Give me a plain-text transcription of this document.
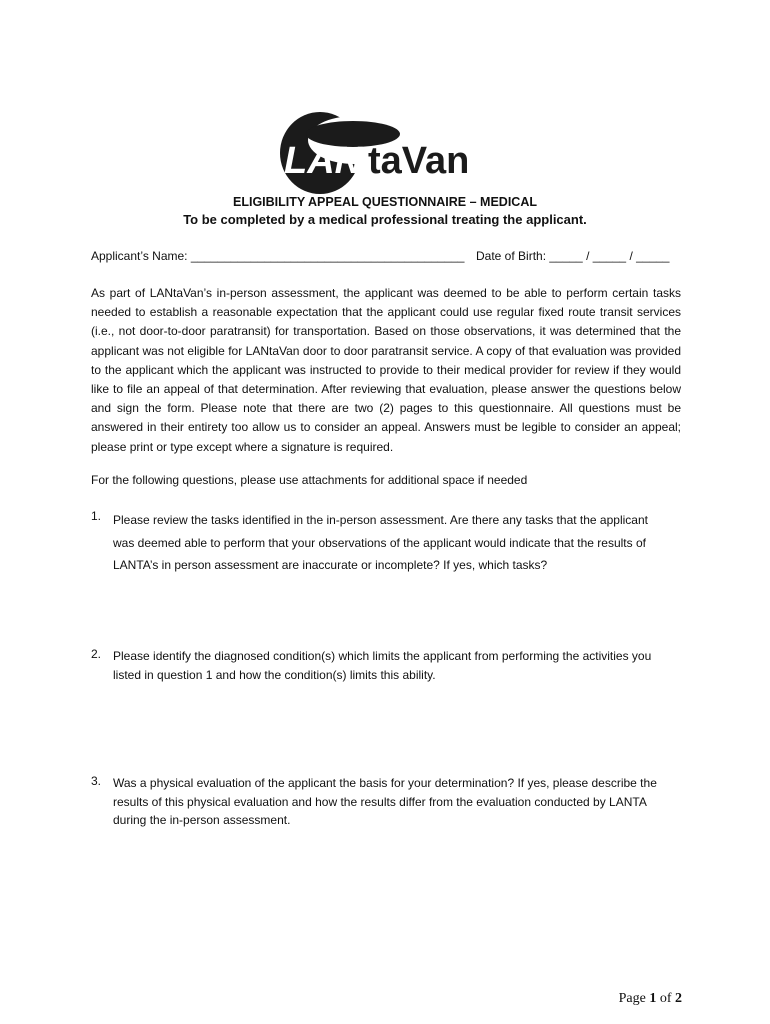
LAN taVan
ELIGIBILITY APPEAL QUESTIONNAIRE – MEDICAL
To be completed by a medical professional treating the applicant.
Applicant’s Name: _________________________________________ Date of Birth: _____ / _____ / _____
As part of LANtaVan’s in-person assessment, the applicant was deemed to be able to perform certain tasks needed to establish a reasonable expectation that the applicant could use regular fixed route transit services (i.e., not door-to-door paratransit) for transportation. Based on those observations, it was determined that the applicant was not eligible for LANtaVan door to door paratransit service. A copy of that evaluation was provided to the applicant which the applicant was instructed to provide to their medical provider for review if they would like to file an appeal of that determination. After reviewing that evaluation, please answer the questions below and sign the form. Please note that there are two (2) pages to this questionnaire. All questions must be answered in their entirety too allow us to consider an appeal. Answers must be legible to consider an appeal; please print or type except where a signature is required.
For the following questions, please use attachments for additional space if needed
1. Please review the tasks identified in the in-person assessment. Are there any tasks that the applicant was deemed able to perform that your observations of the applicant would indicate that the results of LANTA’s in person assessment are inaccurate or incomplete? If yes, which tasks?
2. Please identify the diagnosed condition(s) which limits the applicant from performing the activities you listed in question 1 and how the condition(s) limits this ability.
3. Was a physical evaluation of the applicant the basis for your determination? If yes, please describe the results of this physical evaluation and how the results differ from the evaluation conducted by LANTA during the in-person assessment.
Page 1 of 2
